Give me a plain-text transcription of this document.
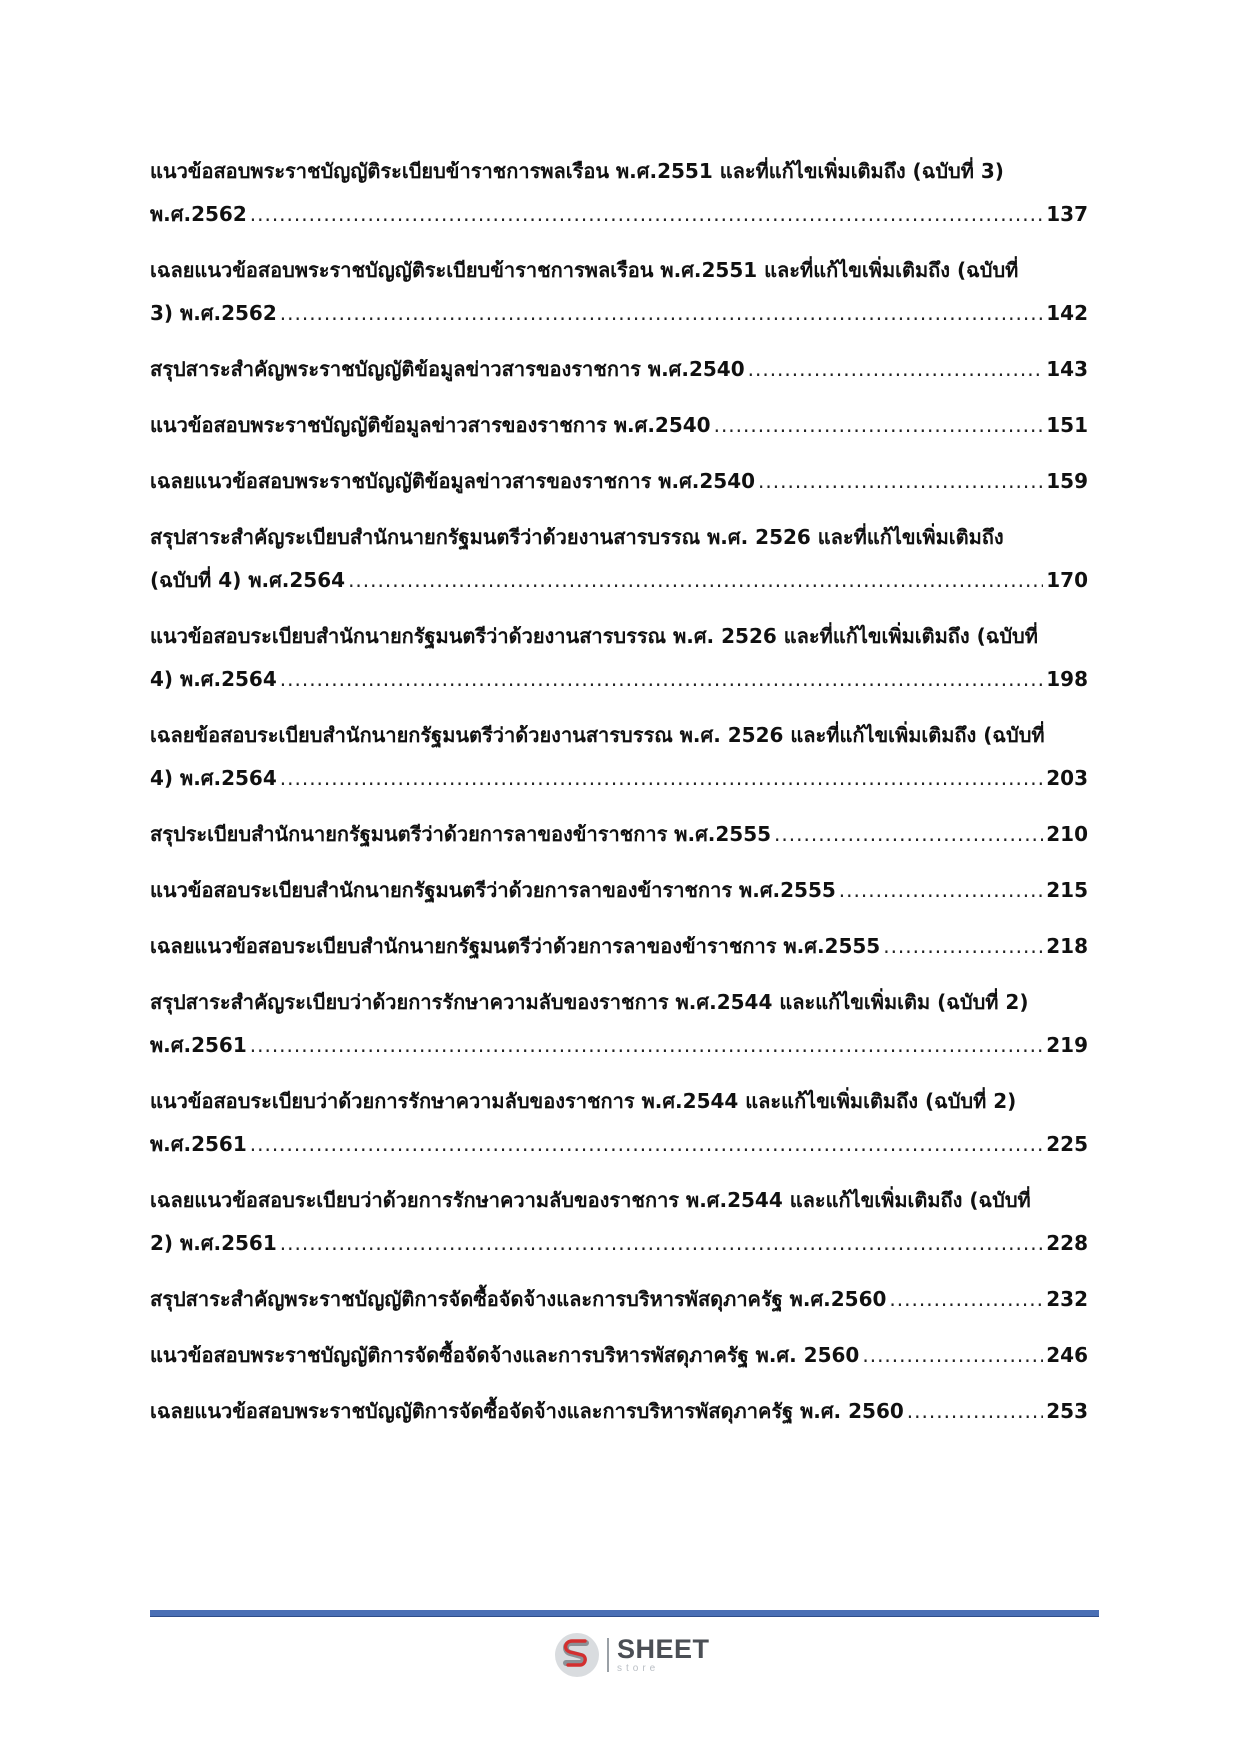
แนวข้อสอบพระราชบัญญัติระเบียบข้าราชการพลเรือน พ.ศ.2551 และที่แก้ไขเพิ่มเติมถึง (ฉบับที่ 3)
พ.ศ.2562 .....	137
เฉลยแนวข้อสอบพระราชบัญญัติระเบียบข้าราชการพลเรือน พ.ศ.2551 และที่แก้ไขเพิ่มเติมถึง (ฉบับที่
3) พ.ศ.2562 .....	142
สรุปสาระสำคัญพระราชบัญญัติข้อมูลข่าวสารของราชการ พ.ศ.2540 .....	143
แนวข้อสอบพระราชบัญญัติข้อมูลข่าวสารของราชการ พ.ศ.2540 .....	151
เฉลยแนวข้อสอบพระราชบัญญัติข้อมูลข่าวสารของราชการ พ.ศ.2540 .....	159
สรุปสาระสำคัญระเบียบสำนักนายกรัฐมนตรีว่าด้วยงานสารบรรณ พ.ศ. 2526 และที่แก้ไขเพิ่มเติมถึง
(ฉบับที่ 4) พ.ศ.2564 .....	170
แนวข้อสอบระเบียบสำนักนายกรัฐมนตรีว่าด้วยงานสารบรรณ พ.ศ. 2526 และที่แก้ไขเพิ่มเติมถึง (ฉบับที่
4) พ.ศ.2564 .....	198
เฉลยข้อสอบระเบียบสำนักนายกรัฐมนตรีว่าด้วยงานสารบรรณ พ.ศ. 2526 และที่แก้ไขเพิ่มเติมถึง (ฉบับที่
4) พ.ศ.2564 .....	203
สรุประเบียบสำนักนายกรัฐมนตรีว่าด้วยการลาของข้าราชการ พ.ศ.2555 .....	210
แนวข้อสอบระเบียบสำนักนายกรัฐมนตรีว่าด้วยการลาของข้าราชการ พ.ศ.2555 .....	215
เฉลยแนวข้อสอบระเบียบสำนักนายกรัฐมนตรีว่าด้วยการลาของข้าราชการ พ.ศ.2555 .....	218
สรุปสาระสำคัญระเบียบว่าด้วยการรักษาความลับของราชการ พ.ศ.2544 และแก้ไขเพิ่มเติม (ฉบับที่ 2)
พ.ศ.2561 .....	219
แนวข้อสอบระเบียบว่าด้วยการรักษาความลับของราชการ พ.ศ.2544 และแก้ไขเพิ่มเติมถึง (ฉบับที่ 2)
พ.ศ.2561 .....	225
เฉลยแนวข้อสอบระเบียบว่าด้วยการรักษาความลับของราชการ พ.ศ.2544 และแก้ไขเพิ่มเติมถึง (ฉบับที่
2) พ.ศ.2561 .....	228
สรุปสาระสำคัญพระราชบัญญัติการจัดซื้อจัดจ้างและการบริหารพัสดุภาครัฐ พ.ศ.2560 .....	232
แนวข้อสอบพระราชบัญญัติการจัดซื้อจัดจ้างและการบริหารพัสดุภาครัฐ พ.ศ. 2560 .....	246
เฉลยแนวข้อสอบพระราชบัญญัติการจัดซื้อจัดจ้างและการบริหารพัสดุภาครัฐ พ.ศ. 2560 .....	253
SHEET
store
